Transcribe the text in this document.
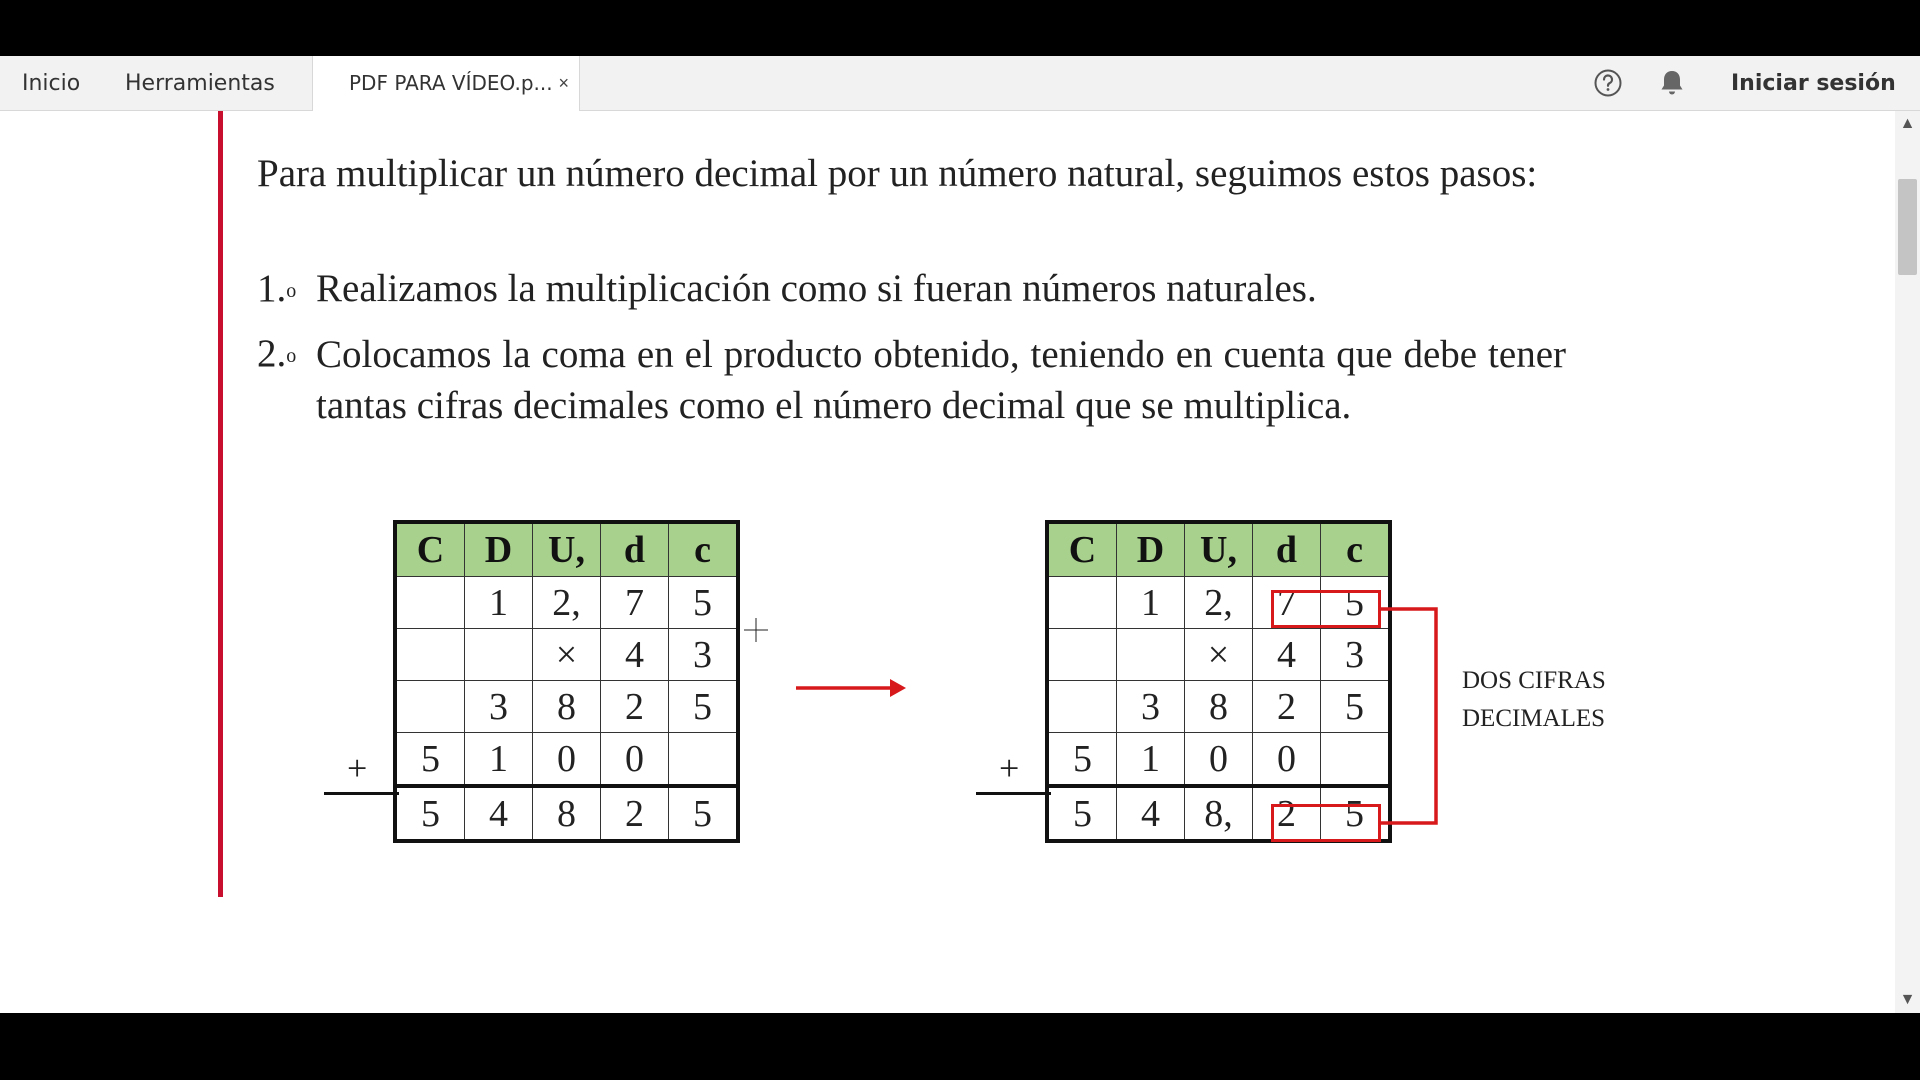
Inicio Herramientas	PDF PARA VÍDEO.p... ×	Iniciar sesión
Para multiplicar un número decimal por un número natural, seguimos estos pasos:
1.$^o$ Realizamos la multiplicación como si fueran números naturales.
2.$^o$ Colocamos la coma en el producto obtenido, teniendo en cuenta que debe tener tantas cifras decimales como el número decimal que se multiplica.
C	D	U,	d	c
	1	2,	7	5
		×	4	3
	3	8	2	5
5	1	0	0	
5	4	8	2	5
+
C	D	U,	d	c
	1	2,	7	5
		×	4	3
	3	8	2	5
5	1	0	0	
5	4	8,	2	5
+
DOS CIFRAS
DECIMALES
▲
▼
